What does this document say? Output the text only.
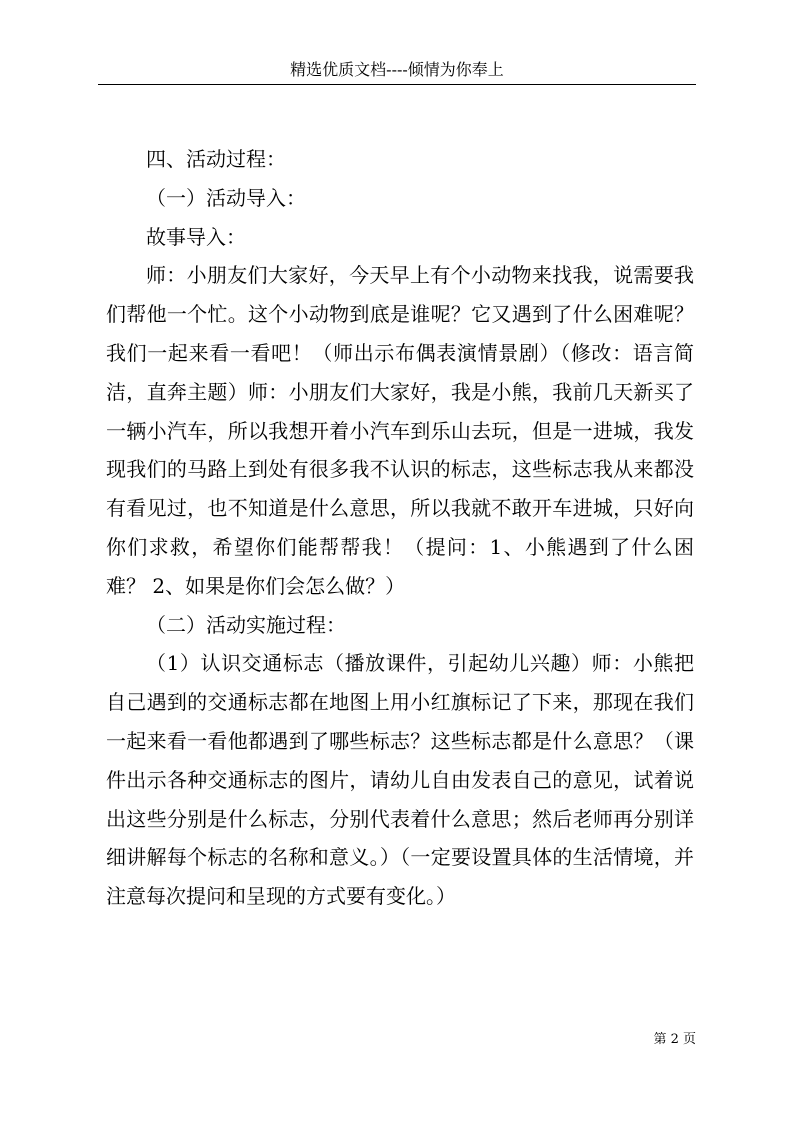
精选优质文档----倾情为你奉上

四、活动过程：

（一）活动导入：

故事导入：

师：小朋友们大家好，今天早上有个小动物来找我，说需要我们帮他一个忙。这个小动物到底是谁呢？它又遇到了什么困难呢？我们一起来看一看吧！（师出示布偶表演情景剧）（修改：语言简洁，直奔主题）师：小朋友们大家好，我是小熊，我前几天新买了一辆小汽车，所以我想开着小汽车到乐山去玩，但是一进城，我发现我们的马路上到处有很多我不认识的标志，这些标志我从来都没有看见过，也不知道是什么意思，所以我就不敢开车进城，只好向你们求救，希望你们能帮帮我！（提问：1、小熊遇到了什么困难？ 2、如果是你们会怎么做？）

（二）活动实施过程：

（1）认识交通标志（播放课件，引起幼儿兴趣）师：小熊把自己遇到的交通标志都在地图上用小红旗标记了下来，那现在我们一起来看一看他都遇到了哪些标志？这些标志都是什么意思？（课件出示各种交通标志的图片，请幼儿自由发表自己的意见，试着说出这些分别是什么标志，分别代表着什么意思；然后老师再分别详细讲解每个标志的名称和意义。）（一定要设置具体的生活情境，并注意每次提问和呈现的方式要有变化。）

第 2 页
